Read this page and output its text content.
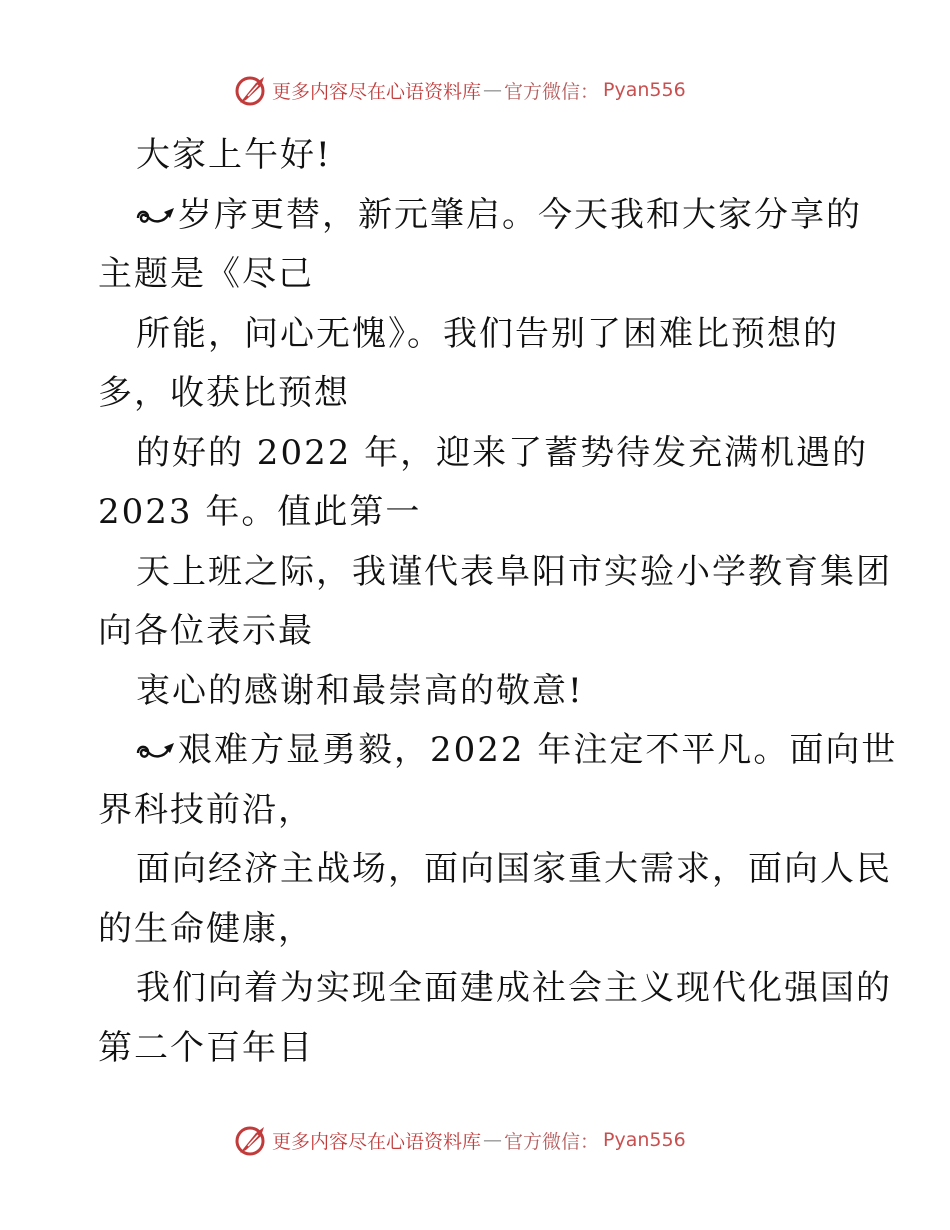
更多内容尽在心语资料库 — 官方微信： Pyan556
大家上午好!
岁序更替，新元肇启。今天我和大家分享的
主题是《尽己
所能，问心无愧》。我们告别了困难比预想的
多，收获比预想
的好的 2022 年，迎来了蓄势待发充满机遇的
2023 年。值此第一
天上班之际，我谨代表阜阳市实验小学教育集团
向各位表示最
衷心的感谢和最崇高的敬意!
艰难方显勇毅，2022 年注定不平凡。面向世
界科技前沿，
面向经济主战场，面向国家重大需求，面向人民
的生命健康，
我们向着为实现全面建成社会主义现代化强国的
第二个百年目
更多内容尽在心语资料库 — 官方微信： Pyan556
